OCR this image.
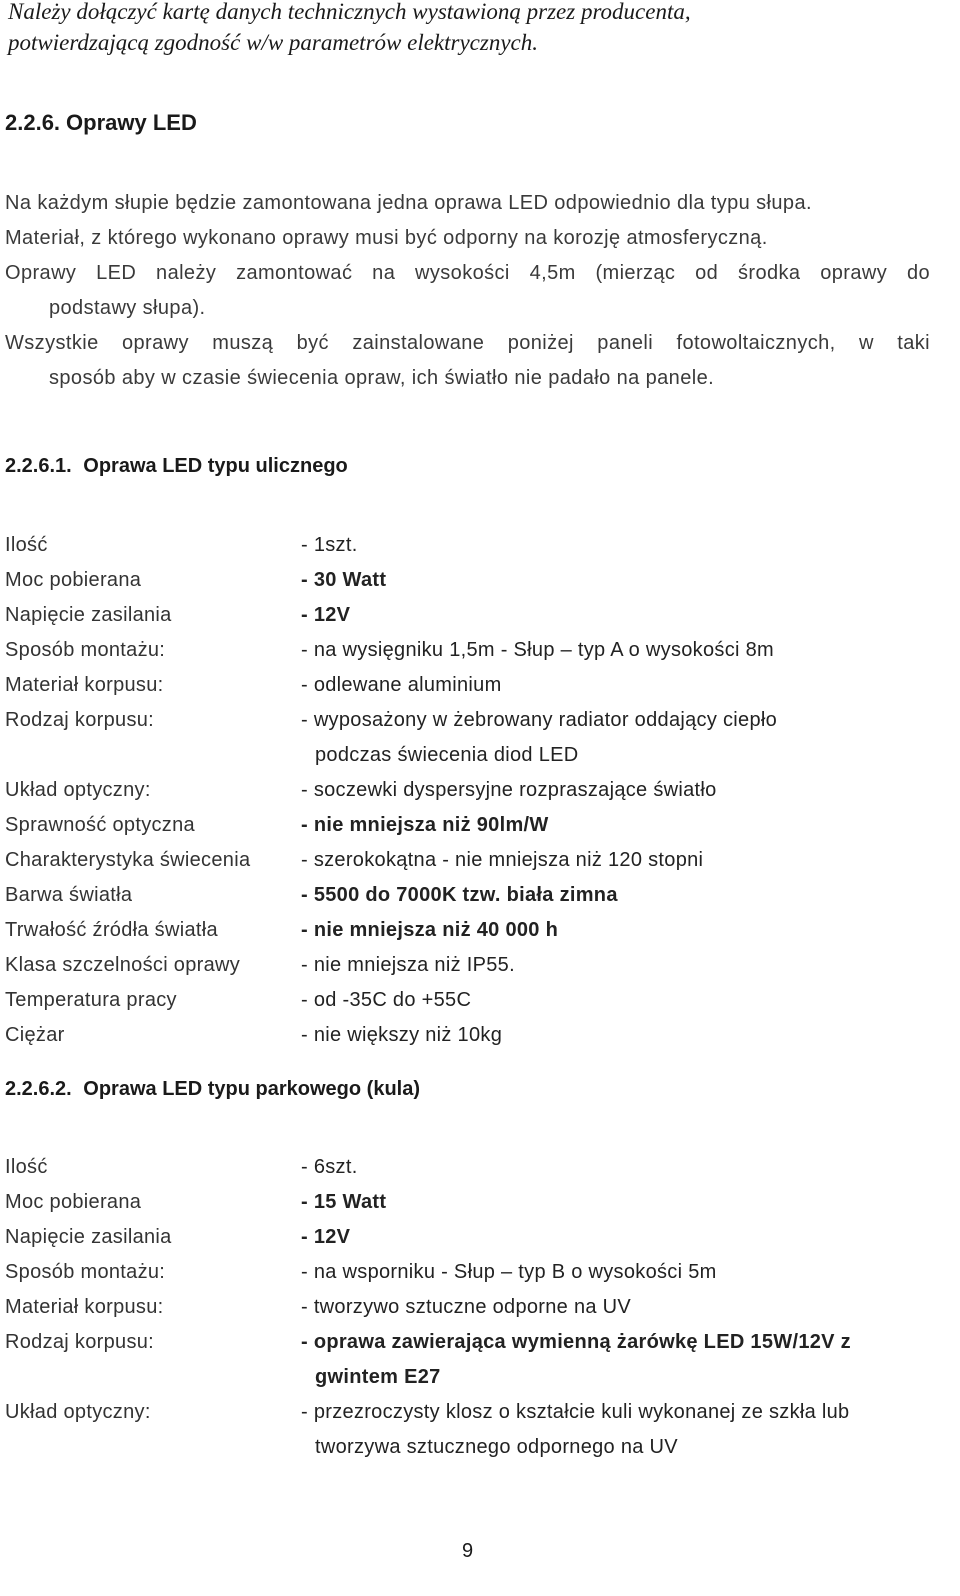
Należy dołączyć kartę danych technicznych wystawioną przez producenta,
potwierdzającą zgodność w/w parametrów elektrycznych.

2.2.6. Oprawy LED

Na każdym słupie będzie zamontowana jedna oprawa LED odpowiednio dla typu słupa.

Materiał, z którego wykonano oprawy musi być odporny na korozję atmosferyczną.

Oprawy LED należy zamontować na wysokości 4,5m (mierząc od środka oprawy do
podstawy słupa).

Wszystkie oprawy muszą być zainstalowane poniżej paneli fotowoltaicznych, w taki
sposób aby w czasie świecenia opraw, ich światło nie padało na panele.

2.2.6.1. Oprawa LED typu ulicznego
Ilość	- 1szt.
Moc pobierana	- 30 Watt
Napięcie zasilania	- 12V
Sposób montażu:	- na wysięgniku 1,5m - Słup – typ A o wysokości 8m
Materiał korpusu:	- odlewane aluminium
Rodzaj korpusu:	- wyposażony w żebrowany radiator oddający ciepło
podczas świecenia diod LED
Układ optyczny:	- soczewki dyspersyjne rozpraszające światło
Sprawność optyczna	- nie mniejsza niż 90lm/W
Charakterystyka świecenia	- szerokokątna - nie mniejsza niż 120 stopni
Barwa światła	- 5500 do 7000K tzw. biała zimna
Trwałość źródła światła	- nie mniejsza niż 40 000 h
Klasa szczelności oprawy	- nie mniejsza niż IP55.
Temperatura pracy	- od -35C do +55C
Ciężar	- nie większy niż 10kg
2.2.6.2. Oprawa LED typu parkowego (kula)
Ilość	- 6szt.
Moc pobierana	- 15 Watt
Napięcie zasilania	- 12V
Sposób montażu:	- na wsporniku - Słup – typ B o wysokości 5m
Materiał korpusu:	- tworzywo sztuczne odporne na UV
Rodzaj korpusu:	- oprawa zawierająca wymienną żarówkę LED 15W/12V z
gwintem E27
Układ optyczny:	- przezroczysty klosz o kształcie kuli wykonanej ze szkła lub
tworzywa sztucznego odpornego na UV
9
